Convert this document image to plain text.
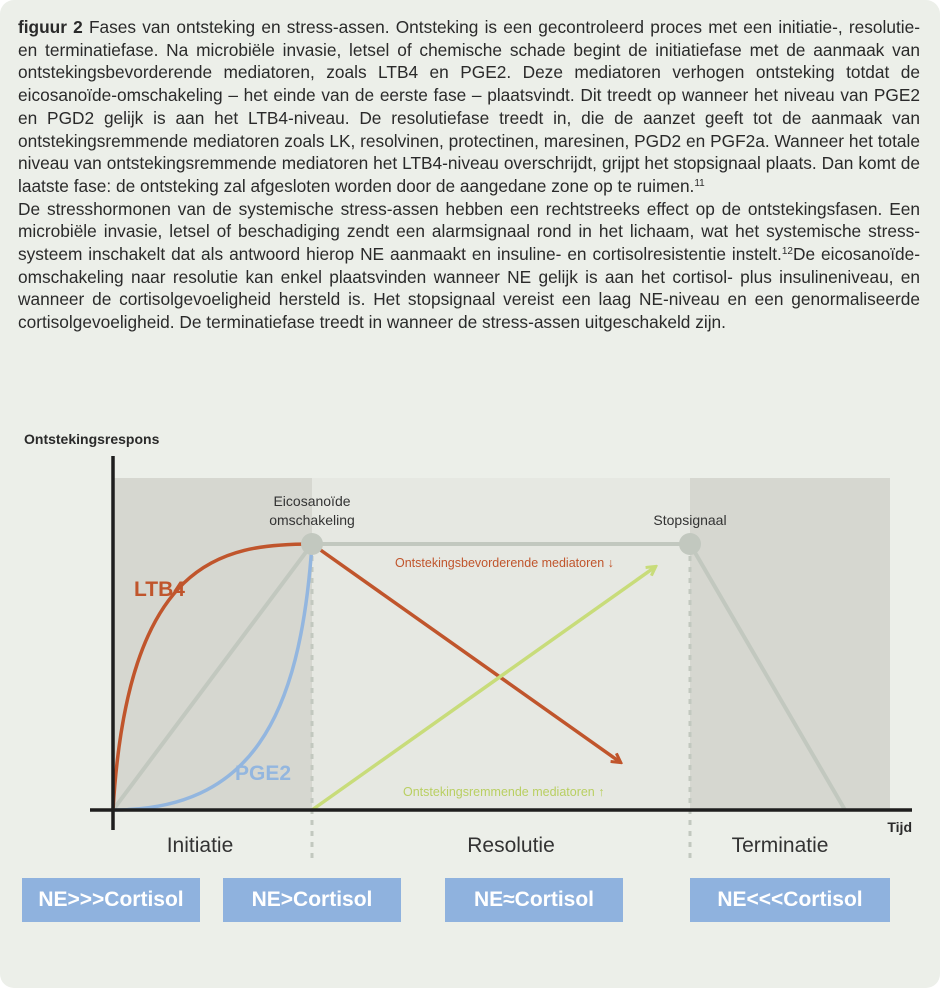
figuur 2 Fases van ontsteking en stress-assen. Ontsteking is een gecontroleerd proces met een initiatie-, resolutie- en terminatiefase. Na microbiële invasie, letsel of chemische schade begint de initiatiefase met de aanmaak van ontstekingsbevorderende mediatoren, zoals LTB4 en PGE2. Deze mediatoren verhogen ontsteking totdat de eicosanoïde-omschakeling – het einde van de eerste fase – plaatsvindt. Dit treedt op wanneer het niveau van PGE2 en PGD2 gelijk is aan het LTB4-niveau. De resolutiefase treedt in, die de aanzet geeft tot de aanmaak van ontstekingsremmende mediatoren zoals LK, resolvinen, protectinen, maresinen, PGD2 en PGF2a. Wanneer het totale niveau van ontstekingsremmende mediatoren het LTB4-niveau overschrijdt, grijpt het stopsignaal plaats. Dan komt de laatste fase: de ontsteking zal afgesloten worden door de aangedane zone op te ruimen.$^{11}$

De stresshormonen van de systemische stress-assen hebben een rechtstreeks effect op de ontstekingsfasen. Een microbiële invasie, letsel of beschadiging zendt een alarmsignaal rond in het lichaam, wat het systemische stress-systeem inschakelt dat als antwoord hierop NE aanmaakt en insuline- en cortisolresistentie instelt.$^{12}$De eicosanoïde-omschakeling naar resolutie kan enkel plaatsvinden wanneer NE gelijk is aan het cortisol- plus insulineniveau, en wanneer de cortisolgevoeligheid hersteld is. Het stopsignaal vereist een laag NE-niveau en een genormaliseerde cortisolgevoeligheid. De terminatiefase treedt in wanneer de stress-assen uitgeschakeld zijn.

Ontstekingsrespons
Tijd
Eicosanoïde
omschakeling	Stopsignaal
LTB4
PGE2
Ontstekingsbevorderende mediatoren ↓
Ontstekingsremmende mediatoren ↑
Initiatie	Resolutie	Terminatie
NE>>>Cortisol	NE>Cortisol	NE≈Cortisol	NE<<<Cortisol
